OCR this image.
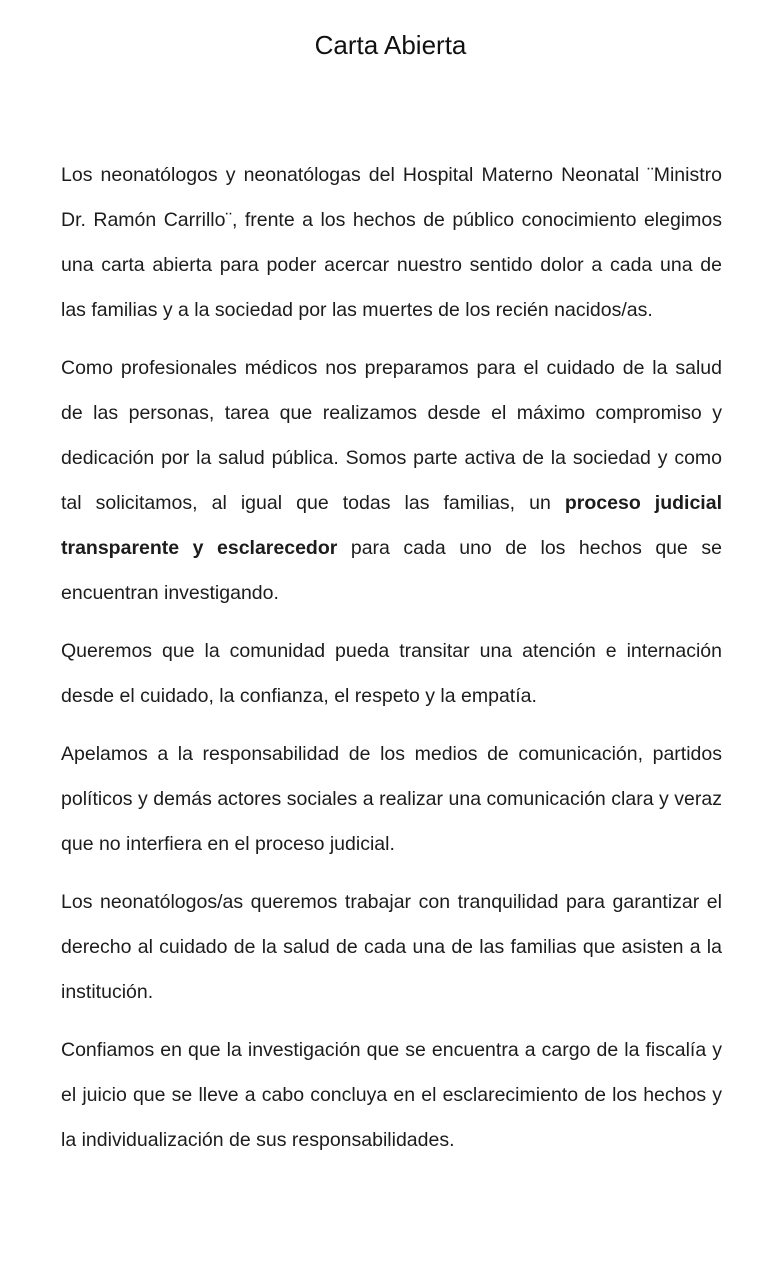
Carta Abierta

Los neonatólogos y neonatólogas del Hospital Materno Neonatal ¨Ministro Dr. Ramón Carrillo¨, frente a los hechos de público conocimiento elegimos una carta abierta para poder acercar nuestro sentido dolor a cada una de las familias y a la sociedad por las muertes de los recién nacidos/as.

Como profesionales médicos nos preparamos para el cuidado de la salud de las personas, tarea que realizamos desde el máximo compromiso y dedicación por la salud pública. Somos parte activa de la sociedad y como tal solicitamos, al igual que todas las familias, un proceso judicial transparente y esclarecedor para cada uno de los hechos que se encuentran investigando.

Queremos que la comunidad pueda transitar una atención e internación desde el cuidado, la confianza, el respeto y la empatía.

Apelamos a la responsabilidad de los medios de comunicación, partidos políticos y demás actores sociales a realizar una comunicación clara y veraz que no interfiera en el proceso judicial.

Los neonatólogos/as queremos trabajar con tranquilidad para garantizar el derecho al cuidado de la salud de cada una de las familias que asisten a la institución.

Confiamos en que la investigación que se encuentra a cargo de la fiscalía y el juicio que se lleve a cabo concluya en el esclarecimiento de los hechos y la individualización de sus responsabilidades.
